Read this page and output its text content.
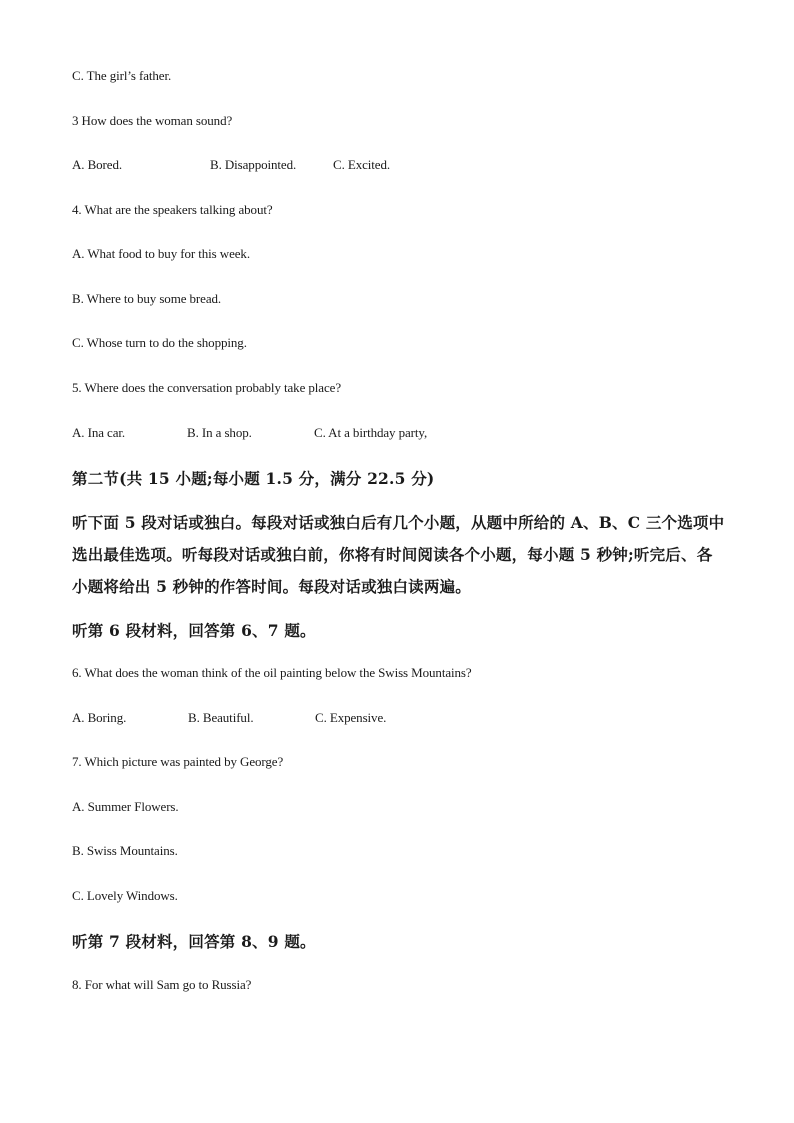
C. The girl’s father.
3 How does the woman sound?
A. Bored.	B. Disappointed.	C. Excited.
4. What are the speakers talking about?
A. What food to buy for this week.
B. Where to buy some bread.
C. Whose turn to do the shopping.
5. Where does the conversation probably take place?
A. Ina car.	B. In a shop.	C. At a birthday party,
第二节(共 15 小题;每小题 1.5 分，满分 22.5 分)
听下面 5 段对话或独白。每段对话或独白后有几个小题，从题中所给的 A、B、C 三个选项中
选出最佳选项。听每段对话或独白前，你将有时间阅读各个小题，每小题 5 秒钟;听完后、各
小题将给出 5 秒钟的作答时间。每段对话或独白读两遍。
听第 6 段材料，回答第 6、7 题。
6. What does the woman think of the oil painting below the Swiss Mountains?
A. Boring.	B. Beautiful.	C. Expensive.
7. Which picture was painted by George?
A. Summer Flowers.
B. Swiss Mountains.
C. Lovely Windows.
听第 7 段材料，回答第 8、9 题。
8. For what will Sam go to Russia?
